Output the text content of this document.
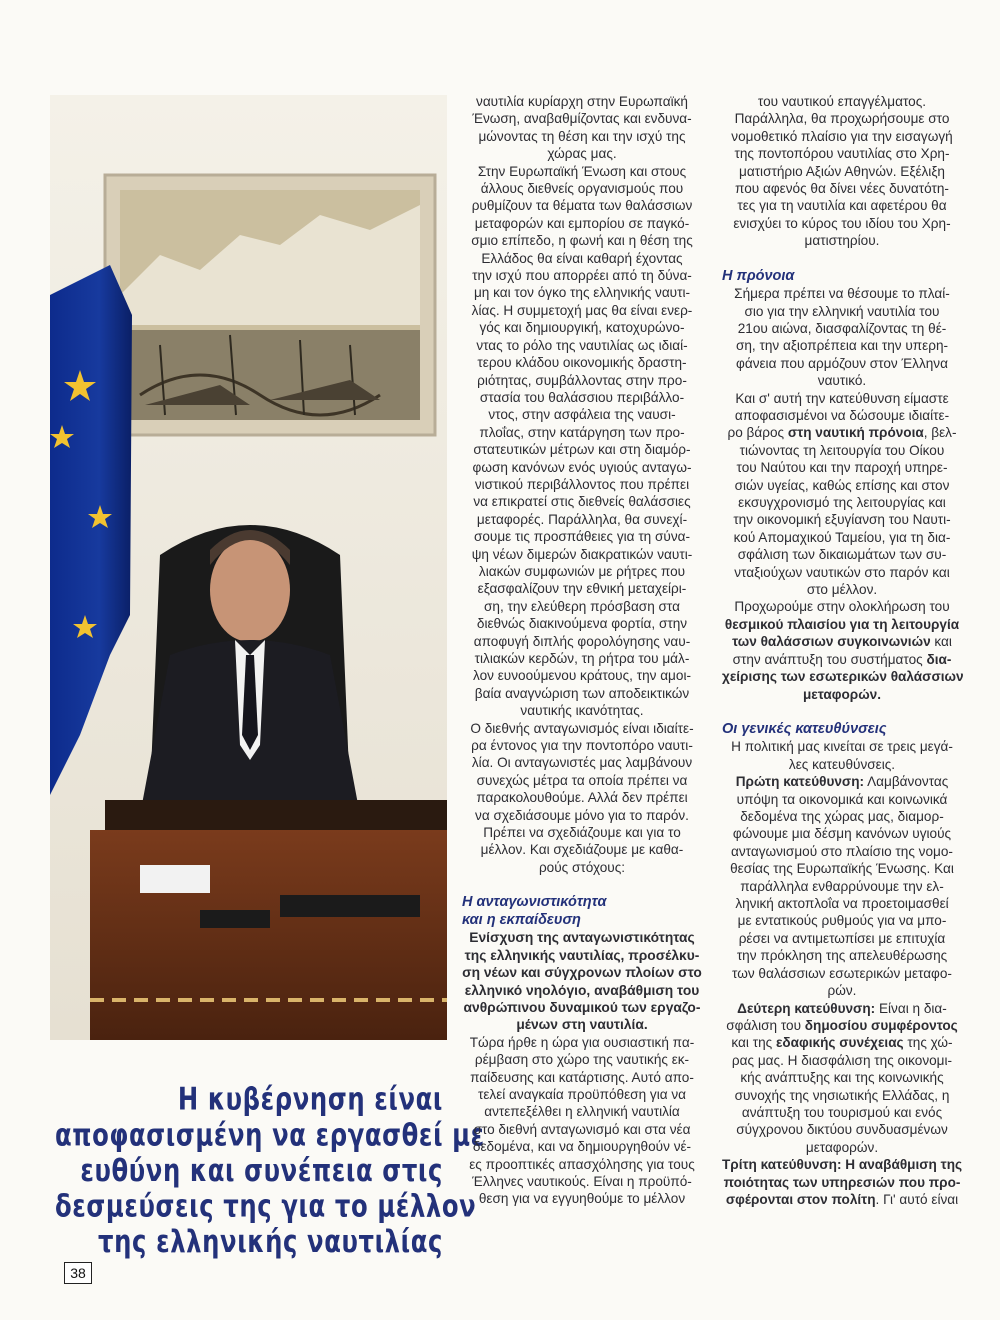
Η κυβέρνηση είναι
αποφασισμένη να εργασθεί με
ευθύνη και συνέπεια στις
δεσμεύσεις της για το μέλλον
της ελληνικής ναυτιλίας

ναυτιλία κυρίαρχη στην Ευρωπαϊκή

Ένωση, αναβαθμίζοντας και ενδυνα-

μώνοντας τη θέση και την ισχύ της

χώρας μας.

Στην Ευρωπαϊκή Ένωση και στους

άλλους διεθνείς οργανισμούς που

ρυθμίζουν τα θέματα των θαλάσσιων

μεταφορών και εμπορίου σε παγκό-

σμιο επίπεδο, η φωνή και η θέση της

Ελλάδος θα είναι καθαρή έχοντας

την ισχύ που απορρέει από τη δύνα-

μη και τον όγκο της ελληνικής ναυτι-

λίας. Η συμμετοχή μας θα είναι ενερ-

γός και δημιουργική, κατοχυρώνο-

ντας το ρόλο της ναυτιλίας ως ιδιαί-

τερου κλάδου οικονομικής δραστη-

ριότητας, συμβάλλοντας στην προ-

στασία του θαλάσσιου περιβάλλο-

ντος, στην ασφάλεια της ναυσι-

πλοΐας, στην κατάργηση των προ-

στατευτικών μέτρων και στη διαμόρ-

φωση κανόνων ενός υγιούς ανταγω-

νιστικού περιβάλλοντος που πρέπει

να επικρατεί στις διεθνείς θαλάσσιες

μεταφορές. Παράλληλα, θα συνεχί-

σουμε τις προσπάθειες για τη σύνα-

ψη νέων διμερών διακρατικών ναυτι-

λιακών συμφωνιών με ρήτρες που

εξασφαλίζουν την εθνική μεταχείρι-

ση, την ελεύθερη πρόσβαση στα

διεθνώς διακινούμενα φορτία, στην

αποφυγή διπλής φορολόγησης ναυ-

τιλιακών κερδών, τη ρήτρα του μάλ-

λον ευνοούμενου κράτους, την αμοι-

βαία αναγνώριση των αποδεικτικών

ναυτικής ικανότητας.

Ο διεθνής ανταγωνισμός είναι ιδιαίτε-

ρα έντονος για την ποντοπόρο ναυτι-

λία. Οι ανταγωνιστές μας λαμβάνουν

συνεχώς μέτρα τα οποία πρέπει να

παρακολουθούμε. Αλλά δεν πρέπει

να σχεδιάσουμε μόνο για το παρόν.

Πρέπει να σχεδιάζουμε και για το

μέλλον. Και σχεδιάζουμε με καθα-

ρούς στόχους:

Η ανταγωνιστικότητα

και η εκπαίδευση

Ενίσχυση της ανταγωνιστικότητας

της ελληνικής ναυτιλίας, προσέλκυ-

ση νέων και σύγχρονων πλοίων στο

ελληνικό νηολόγιο, αναβάθμιση του

ανθρώπινου δυναμικού των εργαζο-

μένων στη ναυτιλία.

Τώρα ήρθε η ώρα για ουσιαστική πα-

ρέμβαση στο χώρο της ναυτικής εκ-

παίδευσης και κατάρτισης. Αυτό απο-

τελεί αναγκαία προϋπόθεση για να

αντεπεξέλθει η ελληνική ναυτιλία

στο διεθνή ανταγωνισμό και στα νέα

δεδομένα, και να δημιουργηθούν νέ-

ες προοπτικές απασχόλησης για τους

Έλληνες ναυτικούς. Είναι η προϋπό-

θεση για να εγγυηθούμε το μέλλον

του ναυτικού επαγγέλματος.

Παράλληλα, θα προχωρήσουμε στο

νομοθετικό πλαίσιο για την εισαγωγή

της ποντοπόρου ναυτιλίας στο Χρη-

ματιστήριο Αξιών Αθηνών. Εξέλιξη

που αφενός θα δίνει νέες δυνατότη-

τες για τη ναυτιλία και αφετέρου θα

ενισχύει το κύρος του ιδίου του Χρη-

ματιστηρίου.

Η πρόνοια

Σήμερα πρέπει να θέσουμε το πλαί-

σιο για την ελληνική ναυτιλία του

21ου αιώνα, διασφαλίζοντας τη θέ-

ση, την αξιοπρέπεια και την υπερη-

φάνεια που αρμόζουν στον Έλληνα

ναυτικό.

Και σ' αυτή την κατεύθυνση είμαστε

αποφασισμένοι να δώσουμε ιδιαίτε-

ρο βάρος στη ναυτική πρόνοια, βελ-

τιώνοντας τη λειτουργία του Οίκου

του Ναύτου και την παροχή υπηρε-

σιών υγείας, καθώς επίσης και στον

εκσυγχρονισμό της λειτουργίας και

την οικονομική εξυγίανση του Ναυτι-

κού Απομαχικού Ταμείου, για τη δια-

σφάλιση των δικαιωμάτων των συ-

νταξιούχων ναυτικών στο παρόν και

στο μέλλον.

Προχωρούμε στην ολοκλήρωση του

θεσμικού πλαισίου για τη λειτουργία

των θαλάσσιων συγκοινωνιών και

στην ανάπτυξη του συστήματος δια-

χείρισης των εσωτερικών θαλάσσιων

μεταφορών.

Οι γενικές κατευθύνσεις

Η πολιτική μας κινείται σε τρεις μεγά-

λες κατευθύνσεις.

Πρώτη κατεύθυνση: Λαμβάνοντας

υπόψη τα οικονομικά και κοινωνικά

δεδομένα της χώρας μας, διαμορ-

φώνουμε μια δέσμη κανόνων υγιούς

ανταγωνισμού στο πλαίσιο της νομο-

θεσίας της Ευρωπαϊκής Ένωσης. Και

παράλληλα ενθαρρύνουμε την ελ-

ληνική ακτοπλοΐα να προετοιμασθεί

με εντατικούς ρυθμούς για να μπο-

ρέσει να αντιμετωπίσει με επιτυχία

την πρόκληση της απελευθέρωσης

των θαλάσσιων εσωτερικών μεταφο-

ρών.

Δεύτερη κατεύθυνση: Είναι η δια-

σφάλιση του δημοσίου συμφέροντος

και της εδαφικής συνέχειας της χώ-

ρας μας. Η διασφάλιση της οικονομι-

κής ανάπτυξης και της κοινωνικής

συνοχής της νησιωτικής Ελλάδας, η

ανάπτυξη του τουρισμού και ενός

σύγχρονου δικτύου συνδυασμένων

μεταφορών.

Τρίτη κατεύθυνση: Η αναβάθμιση της

ποιότητας των υπηρεσιών που προ-

σφέρονται στον πολίτη. Γι' αυτό είναι

38
